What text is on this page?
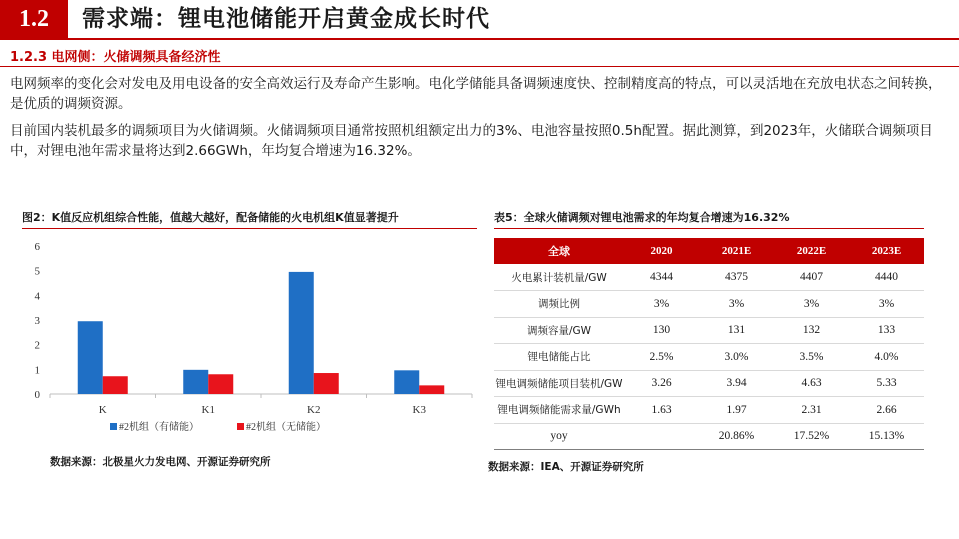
1.2	需求端：锂电池储能开启黄金成长时代
1.2.3 电网侧：火储调频具备经济性
电网频率的变化会对发电及用电设备的安全高效运行及寿命产生影响。电化学储能具备调频速度快、控制精度高的特点，可以灵活地在充放电状态之间转换，是优质的调频资源。
目前国内装机最多的调频项目为火储调频。火储调频项目通常按照机组额定出力的3%、电池容量按照0.5h配置。据此测算，到2023年，火储联合调频项目中，对锂电池年需求量将达到2.66GWh，年均复合增速为16.32%。
图2：K值反应机组综合性能，值越大越好，配备储能的火电机组K值显著提升
0
1
2
3
4
5
6
K	K1	K2	K3
#2机组（有储能）	#2机组（无储能）
数据来源：北极星火力发电网、开源证券研究所
表5：全球火储调频对锂电池需求的年均复合增速为16.32%
全球	2020	2021E	2022E	2023E
火电累计装机量/GW	4344	4375	4407	4440
调频比例	3%	3%	3%	3%
调频容量/GW	130	131	132	133
锂电储能占比	2.5%	3.0%	3.5%	4.0%
锂电调频储能项目装机/GW	3.26	3.94	4.63	5.33
锂电调频储能需求量/GWh	1.63	1.97	2.31	2.66
yoy		20.86%	17.52%	15.13%
数据来源：IEA、开源证券研究所
